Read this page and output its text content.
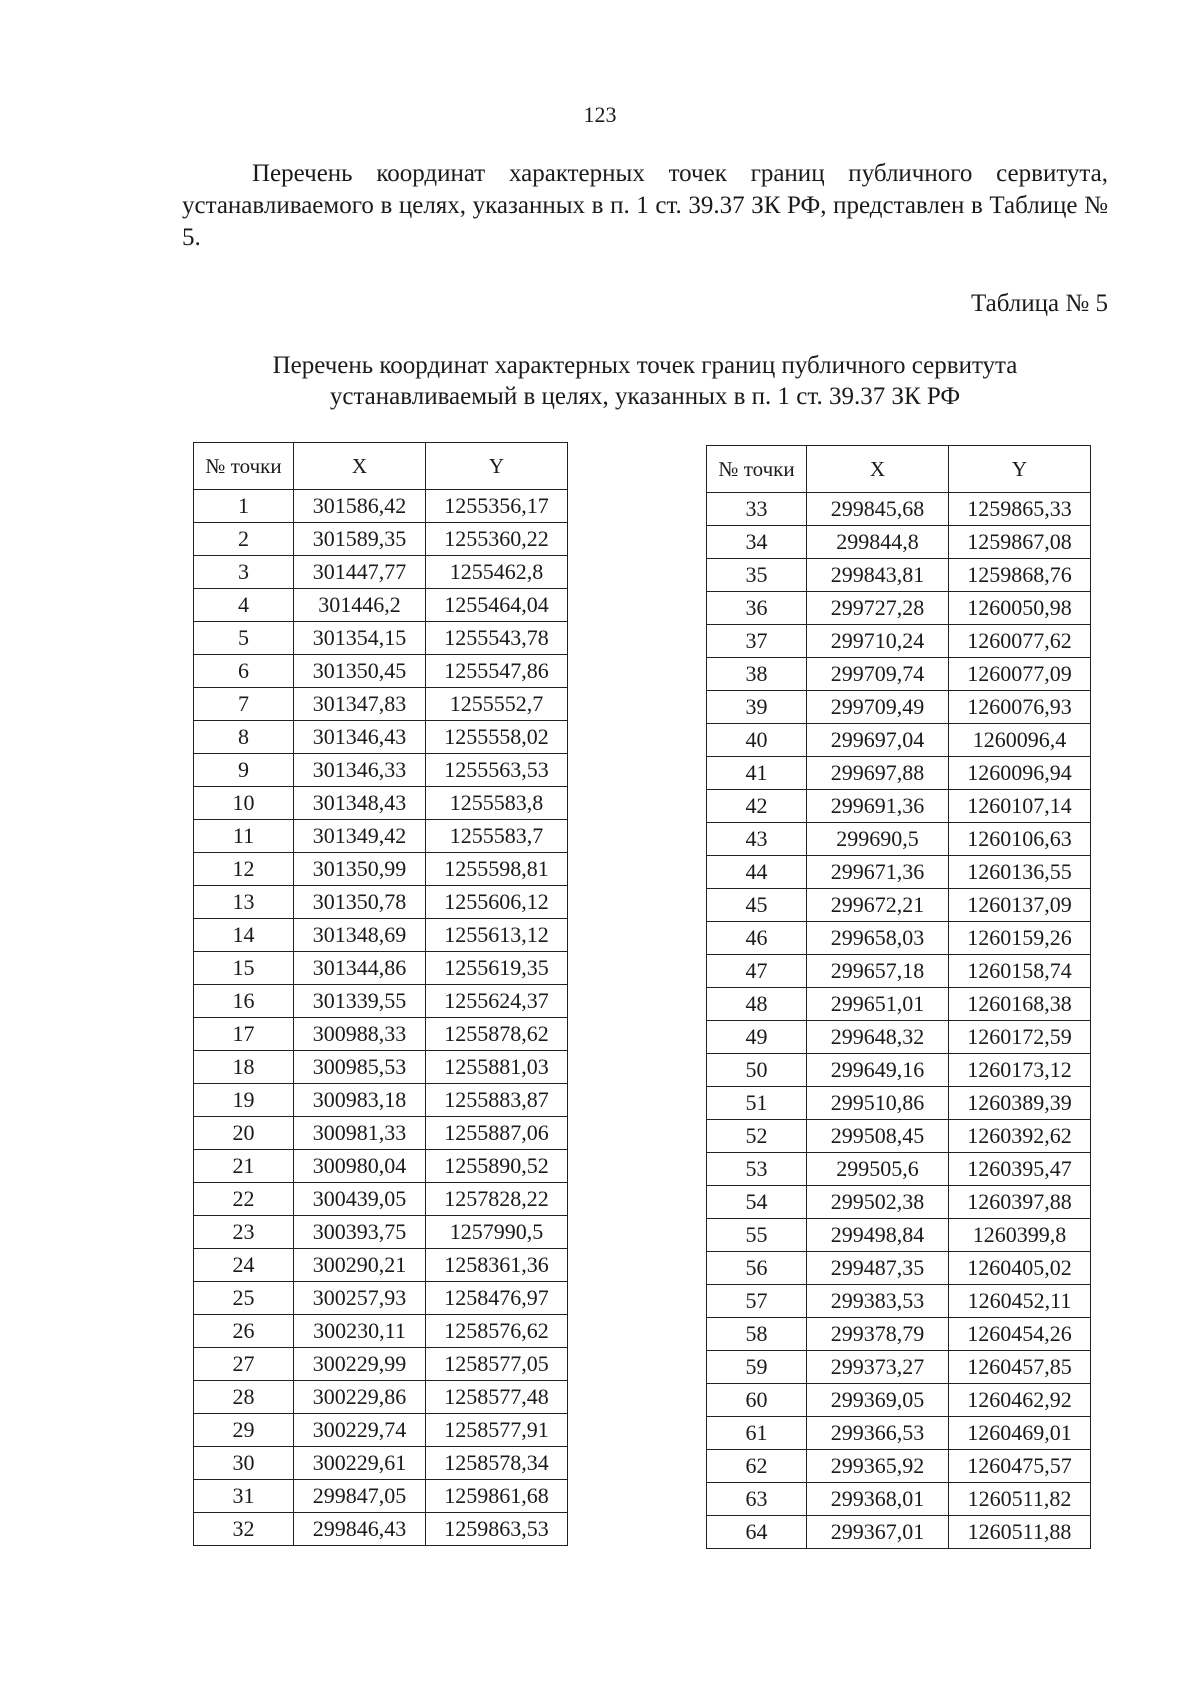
123

Перечень координат характерных точек границ публичного сервитута, устанавливаемого в целях, указанных в п. 1 ст. 39.37 ЗК РФ, представлен в Таблице № 5.

Таблица № 5
Перечень координат характерных точек границ публичного сервитута
устанавливаемый в целях, указанных в п. 1 ст. 39.37 ЗК РФ
№ точки	X	Y
1	301586,42	1255356,17
2	301589,35	1255360,22
3	301447,77	1255462,8
4	301446,2	1255464,04
5	301354,15	1255543,78
6	301350,45	1255547,86
7	301347,83	1255552,7
8	301346,43	1255558,02
9	301346,33	1255563,53
10	301348,43	1255583,8
11	301349,42	1255583,7
12	301350,99	1255598,81
13	301350,78	1255606,12
14	301348,69	1255613,12
15	301344,86	1255619,35
16	301339,55	1255624,37
17	300988,33	1255878,62
18	300985,53	1255881,03
19	300983,18	1255883,87
20	300981,33	1255887,06
21	300980,04	1255890,52
22	300439,05	1257828,22
23	300393,75	1257990,5
24	300290,21	1258361,36
25	300257,93	1258476,97
26	300230,11	1258576,62
27	300229,99	1258577,05
28	300229,86	1258577,48
29	300229,74	1258577,91
30	300229,61	1258578,34
31	299847,05	1259861,68
32	299846,43	1259863,53
№ точки	X	Y
33	299845,68	1259865,33
34	299844,8	1259867,08
35	299843,81	1259868,76
36	299727,28	1260050,98
37	299710,24	1260077,62
38	299709,74	1260077,09
39	299709,49	1260076,93
40	299697,04	1260096,4
41	299697,88	1260096,94
42	299691,36	1260107,14
43	299690,5	1260106,63
44	299671,36	1260136,55
45	299672,21	1260137,09
46	299658,03	1260159,26
47	299657,18	1260158,74
48	299651,01	1260168,38
49	299648,32	1260172,59
50	299649,16	1260173,12
51	299510,86	1260389,39
52	299508,45	1260392,62
53	299505,6	1260395,47
54	299502,38	1260397,88
55	299498,84	1260399,8
56	299487,35	1260405,02
57	299383,53	1260452,11
58	299378,79	1260454,26
59	299373,27	1260457,85
60	299369,05	1260462,92
61	299366,53	1260469,01
62	299365,92	1260475,57
63	299368,01	1260511,82
64	299367,01	1260511,88
